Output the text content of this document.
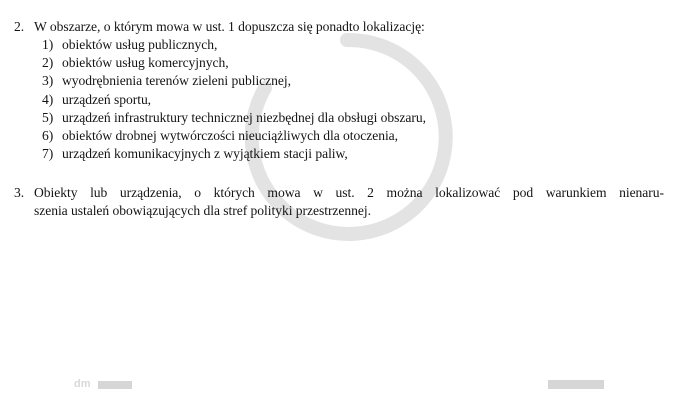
2. W obszarze, o którym mowa w ust. 1 dopuszcza się ponadto lokalizację:
1) obiektów usług publicznych,
2) obiektów usług komercyjnych,
3) wyodrębnienia terenów zieleni publicznej,
4) urządzeń sportu,
5) urządzeń infrastruktury technicznej niezbędnej dla obsługi obszaru,
6) obiektów drobnej wytwórczości nieuciążliwych dla otoczenia,
7) urządzeń komunikacyjnych z wyjątkiem stacji paliw,
3. Obiekty lub urządzenia, o których mowa w ust. 2 można lokalizować pod warunkiem nienaru-
szenia ustaleń obowiązujących dla stref polityki przestrzennej.
dm
